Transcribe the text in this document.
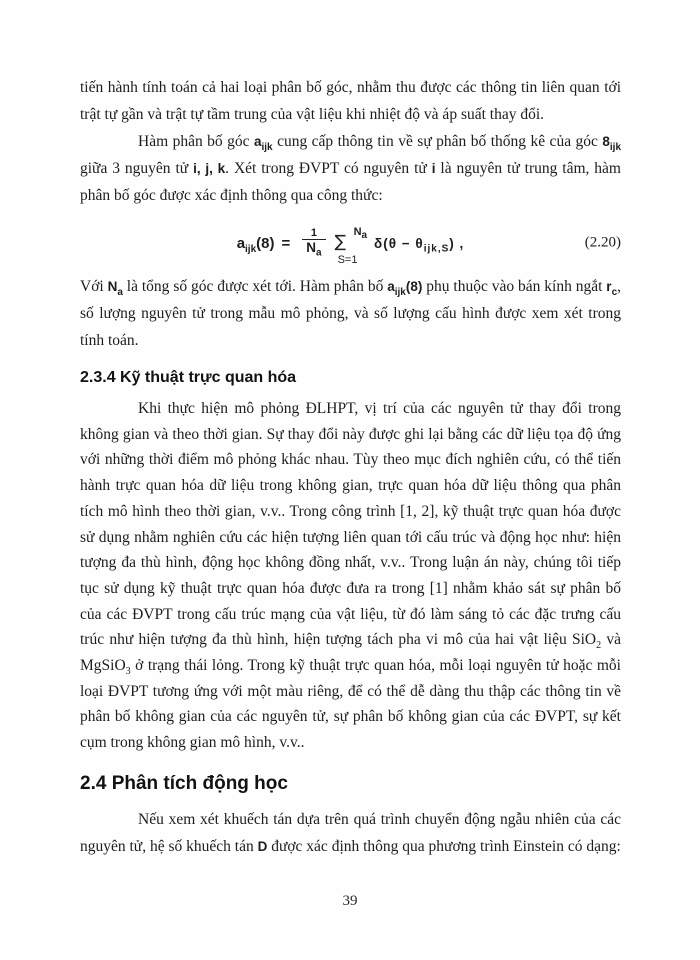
tiến hành tính toán cả hai loại phân bố góc, nhằm thu được các thông tin liên quan tới trật tự gần và trật tự tầm trung của vật liệu khi nhiệt độ và áp suất thay đổi.

Hàm phân bố góc $a_{ijk}$ cung cấp thông tin về sự phân bố thống kê của góc $8_{ijk}$ giữa 3 nguyên tử i, j, k. Xét trong ĐVPT có nguyên tử i là nguyên tử trung tâm, hàm phân bố góc được xác định thông qua công thức:

$a_{ijk}(8) = \frac{1}{N_a}$ ∑ $N_a$
S=1
$\delta(\theta - \theta_{ijk,S})$ ,	(2.20)

Với $N_a$ là tổng số góc được xét tới. Hàm phân bố $a_{ijk}(8)$ phụ thuộc vào bán kính ngắt $r_c$, số lượng nguyên tử trong mẫu mô phỏng, và số lượng cấu hình được xem xét trong tính toán.

2.3.4 Kỹ thuật trực quan hóa

Khi thực hiện mô phỏng ĐLHPT, vị trí của các nguyên tử thay đổi trong không gian và theo thời gian. Sự thay đổi này được ghi lại bằng các dữ liệu tọa độ ứng với những thời điểm mô phỏng khác nhau. Tùy theo mục đích nghiên cứu, có thể tiến hành trực quan hóa dữ liệu trong không gian, trực quan hóa dữ liệu thông qua phân tích mô hình theo thời gian, v.v.. Trong công trình [1, 2], kỹ thuật trực quan hóa được sử dụng nhằm nghiên cứu các hiện tượng liên quan tới cấu trúc và động học như: hiện tượng đa thù hình, động học không đồng nhất, v.v.. Trong luận án này, chúng tôi tiếp tục sử dụng kỹ thuật trực quan hóa được đưa ra trong [1] nhằm khảo sát sự phân bố của các ĐVPT trong cấu trúc mạng của vật liệu, từ đó làm sáng tỏ các đặc trưng cấu trúc như hiện tượng đa thù hình, hiện tượng tách pha vi mô của hai vật liệu SiO$_2$ và MgSiO$_3$ ở trạng thái lỏng. Trong kỹ thuật trực quan hóa, mỗi loại nguyên tử hoặc mỗi loại ĐVPT tương ứng với một màu riêng, để có thể dễ dàng thu thập các thông tin về phân bố không gian của các nguyên tử, sự phân bố không gian của các ĐVPT, sự kết cụm trong không gian mô hình, v.v..

2.4 Phân tích động học

Nếu xem xét khuếch tán dựa trên quá trình chuyển động ngẫu nhiên của các nguyên tử, hệ số khuếch tán D được xác định thông qua phương trình Einstein có dạng:

39
